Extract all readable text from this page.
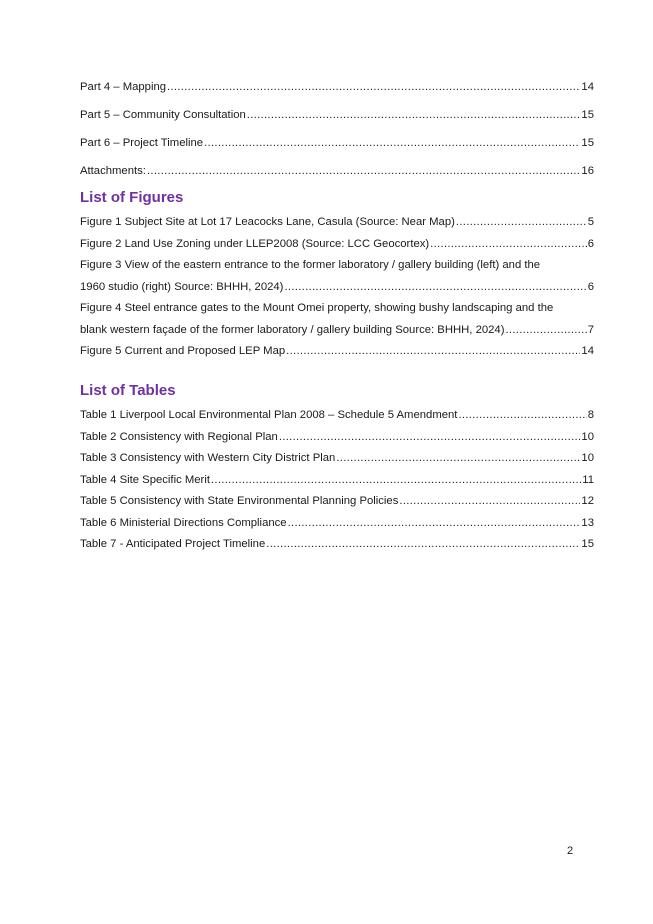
Part 4 – Mapping .....	14
Part 5 – Community Consultation .....	15
Part 6 – Project Timeline .....	15
Attachments: .....	16
List of Figures
Figure 1 Subject Site at Lot 17 Leacocks Lane, Casula (Source: Near Map) .....	5
Figure 2 Land Use Zoning under LLEP2008 (Source: LCC Geocortex) .....	6
Figure 3 View of the eastern entrance to the former laboratory / gallery building (left) and the
1960 studio (right) Source: BHHH, 2024) .....	6
Figure 4 Steel entrance gates to the Mount Omei property, showing bushy landscaping and the
blank western façade of the former laboratory / gallery building Source: BHHH, 2024) .....	7
Figure 5 Current and Proposed LEP Map .....	14
List of Tables
Table 1 Liverpool Local Environmental Plan 2008 – Schedule 5 Amendment .....	8
Table 2 Consistency with Regional Plan .....	10
Table 3 Consistency with Western City District Plan .....	10
Table 4 Site Specific Merit .....	11
Table 5 Consistency with State Environmental Planning Policies .....	12
Table 6 Ministerial Directions Compliance .....	13
Table 7 - Anticipated Project Timeline .....	15
2
